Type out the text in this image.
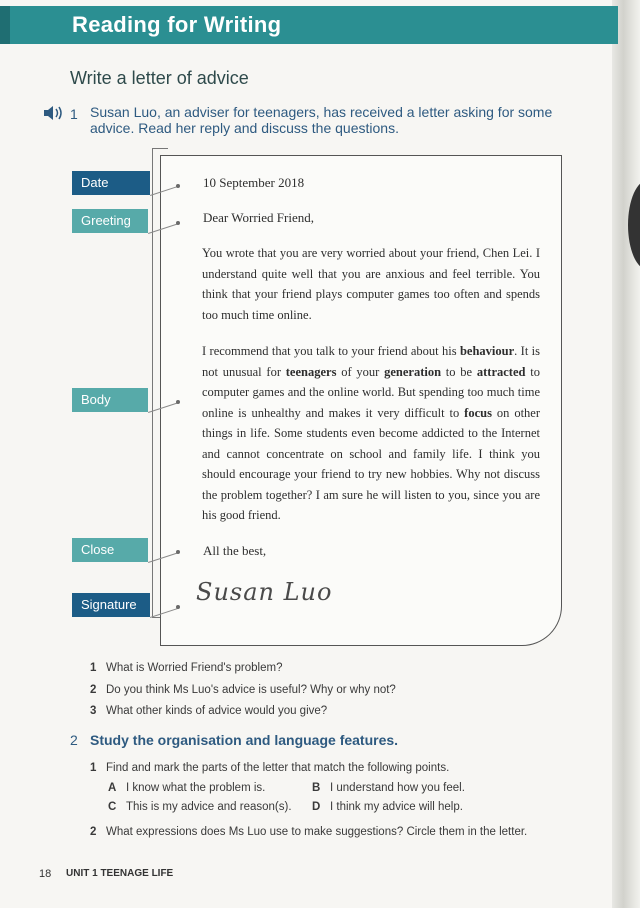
Reading for Writing
Write a letter of advice
1 Susan Luo, an adviser for teenagers, has received a letter asking for some advice. Read her reply and discuss the questions.
Date
Greeting
Body
Close
Signature
10 September 2018
Dear Worried Friend,
You wrote that you are very worried about your friend, Chen Lei. I understand quite well that you are anxious and feel terrible. You think that your friend plays computer games too often and spends too much time online.
I recommend that you talk to your friend about his behaviour. It is not unusual for teenagers of your generation to be attracted to computer games and the online world. But spending too much time online is unhealthy and makes it very difficult to focus on other things in life. Some students even become addicted to the Internet and cannot concentrate on school and family life. I think you should encourage your friend to try new hobbies. Why not discuss the problem together? I am sure he will listen to you, since you are his good friend.
All the best,
Susan Luo
1 What is Worried Friend's problem?
2 Do you think Ms Luo's advice is useful? Why or why not?
3 What other kinds of advice would you give?
2 Study the organisation and language features.
1 Find and mark the parts of the letter that match the following points.
A I know what the problem is.	B I understand how you feel.
C This is my advice and reason(s). D I think my advice will help.
2 What expressions does Ms Luo use to make suggestions? Circle them in the letter.
18 UNIT 1 TEENAGE LIFE
